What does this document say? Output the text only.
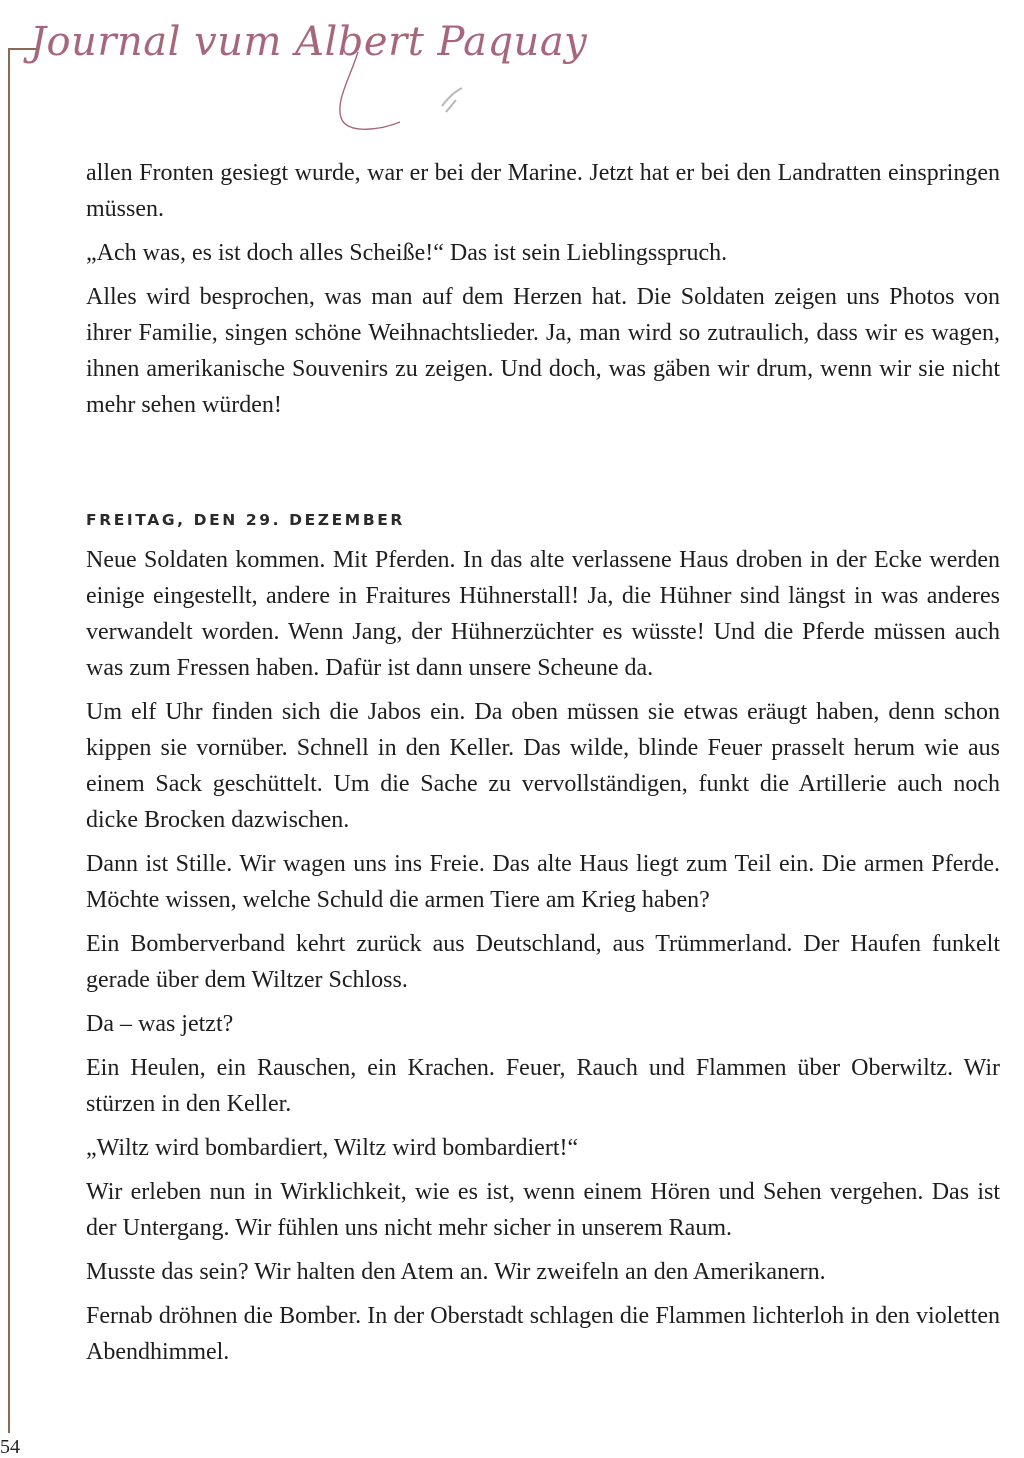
Journal vum Albert Paquay

allen Fronten gesiegt wurde, war er bei der Marine. Jetzt hat er bei den Landratten einspringen müssen.

„Ach was, es ist doch alles Scheiße!“ Das ist sein Lieblingsspruch.

Alles wird besprochen, was man auf dem Herzen hat. Die Soldaten zeigen uns Photos von ihrer Familie, singen schöne Weihnachtslieder. Ja, man wird so zutraulich, dass wir es wagen, ihnen amerikanische Souvenirs zu zeigen. Und doch, was gäben wir drum, wenn wir sie nicht mehr sehen würden!

FREITAG, DEN 29. DEZEMBER

Neue Soldaten kommen. Mit Pferden. In das alte verlassene Haus droben in der Ecke werden einige eingestellt, andere in Fraitures Hühnerstall! Ja, die Hühner sind längst in was anderes verwandelt worden. Wenn Jang, der Hühnerzüchter es wüsste! Und die Pferde müssen auch was zum Fressen haben. Dafür ist dann unsere Scheune da.

Um elf Uhr finden sich die Jabos ein. Da oben müssen sie etwas eräugt haben, denn schon kippen sie vornüber. Schnell in den Keller. Das wilde, blinde Feuer prasselt herum wie aus einem Sack geschüttelt. Um die Sache zu vervollständigen, funkt die Artillerie auch noch dicke Brocken dazwischen.

Dann ist Stille. Wir wagen uns ins Freie. Das alte Haus liegt zum Teil ein. Die armen Pferde. Möchte wissen, welche Schuld die armen Tiere am Krieg haben?

Ein Bomberverband kehrt zurück aus Deutschland, aus Trümmerland. Der Haufen funkelt gerade über dem Wiltzer Schloss.

Da – was jetzt?

Ein Heulen, ein Rauschen, ein Krachen. Feuer, Rauch und Flammen über Oberwiltz. Wir stürzen in den Keller.

„Wiltz wird bombardiert, Wiltz wird bombardiert!“

Wir erleben nun in Wirklichkeit, wie es ist, wenn einem Hören und Sehen vergehen. Das ist der Untergang. Wir fühlen uns nicht mehr sicher in unserem Raum.

Musste das sein? Wir halten den Atem an. Wir zweifeln an den Amerikanern.

Fernab dröhnen die Bomber. In der Oberstadt schlagen die Flammen lichterloh in den violetten Abendhimmel.

54
